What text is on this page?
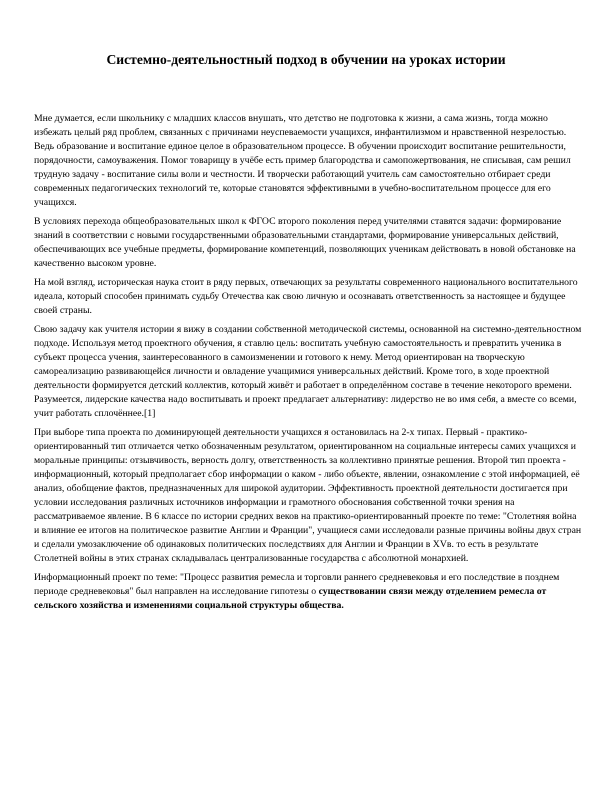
Системно-деятельностный подход в обучении на уроках истории

Мне думается, если школьнику с младших классов внушать, что детство не подготовка к жизни, а сама жизнь, тогда можно избежать целый ряд проблем, связанных с причинами неуспеваемости учащихся, инфантилизмом и нравственной незрелостью. Ведь образование и воспитание единое целое в образовательном процессе. В обучении происходит воспитание решительности, порядочности, самоуважения. Помог товарищу в учёбе есть пример благородства и самопожертвования, не списывая, сам решил трудную задачу - воспитание силы воли и честности. И творчески работающий учитель сам самостоятельно отбирает среди современных педагогических технологий те, которые становятся эффективными в учебно-воспитательном процессе для его учащихся.

В условиях перехода общеобразовательных школ к ФГОС второго поколения перед учителями ставятся задачи: формирование знаний в соответствии с новыми государственными образовательными стандартами, формирование универсальных действий, обеспечивающих все учебные предметы, формирование компетенций, позволяющих ученикам действовать в новой обстановке на качественно высоком уровне.

На мой взгляд, историческая наука стоит в ряду первых, отвечающих за результаты современного национального воспитательного идеала, который способен принимать судьбу Отечества как свою личную и осознавать ответственность за настоящее и будущее своей страны.

Свою задачу как учителя истории я вижу в создании собственной методической системы, основанной на системно-деятельностном подходе. Используя метод проектного обучения, я ставлю цель: воспитать учебную самостоятельность и превратить ученика в субъект процесса учения, заинтересованного в самоизменении и готового к нему. Метод ориентирован на творческую самореализацию развивающейся личности и овладение учащимися универсальных действий. Кроме того, в ходе проектной деятельности формируется детский коллектив, который живёт и работает в определённом составе в течение некоторого времени. Разумеется, лидерские качества надо воспитывать и проект предлагает альтернативу: лидерство не во имя себя, а вместе со всеми, учит работать сплочённее.[1]

При выборе типа проекта по доминирующей деятельности учащихся я остановилась на 2-х типах. Первый - практико-ориентированный тип отличается четко обозначенным результатом, ориентированном на социальные интересы самих учащихся и моральные принципы: отзывчивость, верность долгу, ответственность за коллективно принятые решения. Второй тип проекта - информационный, который предполагает сбор информации о каком - либо объекте, явлении, ознакомление с этой информацией, её анализ, обобщение фактов, предназначенных для широкой аудитории. Эффективность проектной деятельности достигается при условии исследования различных источников информации и грамотного обоснования собственной точки зрения на рассматриваемое явление. В 6 классе по истории средних веков на практико-ориентированный проекте по теме: "Столетняя война и влияние ее итогов на политическое развитие Англии и Франции", учащиеся сами исследовали разные причины войны двух стран и сделали умозаключение об одинаковых политических последствиях для Англии и Франции в XVв. то есть в результате Столетней войны в этих странах складывалась централизованные государства с абсолютной монархией.

Информационный проект по теме: "Процесс развития ремесла и торговли раннего средневековья и его последствие в позднем периоде средневековья" был направлен на исследование гипотезы о существовании связи между отделением ремесла от сельского хозяйства и изменениями социальной структуры общества.
